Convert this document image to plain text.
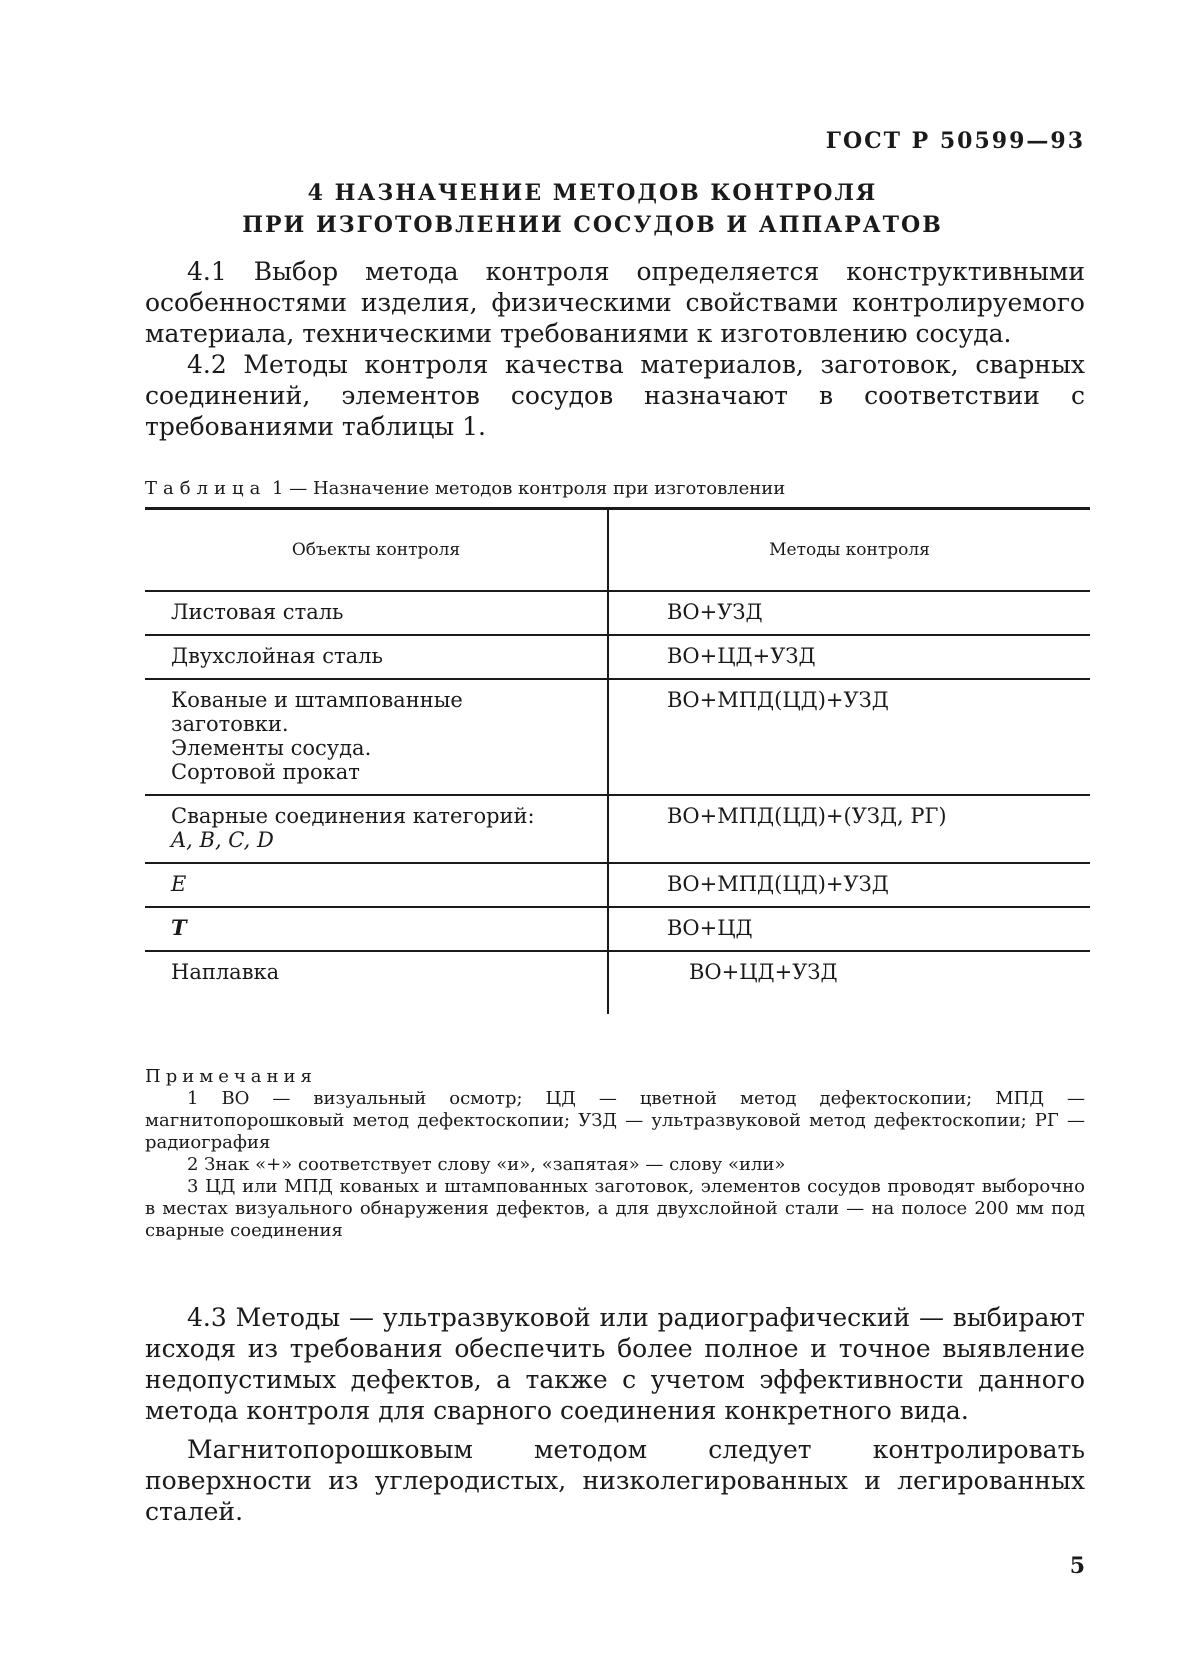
ГОСТ Р 50599—93
4 НАЗНАЧЕНИЕ МЕТОДОВ КОНТРОЛЯ
ПРИ ИЗГОТОВЛЕНИИ СОСУДОВ И АППАРАТОВ

4.1 Выбор метода контроля определяется конструктивными особенностями изделия, физическими свойствами контролируемого материала, техническими требованиями к изготовлению сосуда.

4.2 Методы контроля качества материалов, заготовок, сварных соединений, элементов сосудов назначают в соответствии с требованиями таблицы 1.

Таблица 1 — Назначение методов контроля при изготовлении
Объекты контроля	Методы контроля
Листовая сталь	ВО+УЗД
Двухслойная сталь	ВО+ЦД+УЗД
Кованые и штампованные заготовки.
Элементы сосуда.
Сортовой прокат	ВО+МПД(ЦД)+УЗД

Сварные соединения категорий:
A, B, C, D	ВО+МПД(ЦД)+(УЗД, РГ)
E	ВО+МПД(ЦД)+УЗД
T	ВО+ЦД
Наплавка	ВО+ЦД+УЗД
Примечания

1 ВО — визуальный осмотр; ЦД — цветной метод дефектоскопии; МПД — магнитопорошковый метод дефектоскопии; УЗД — ультразвуковой метод дефектоскопии; РГ — радиография

2 Знак «+» соответствует слову «и», «запятая» — слову «или»

3 ЦД или МПД кованых и штампованных заготовок, элементов сосудов проводят выборочно в местах визуального обнаружения дефектов, а для двухслойной стали — на полосе 200 мм под сварные соединения

4.3 Методы — ультразвуковой или радиографический — выбирают исходя из требования обеспечить более полное и точное выявление недопустимых дефектов, а также с учетом эффективности данного метода контроля для сварного соединения конкретного вида.

Магнитопорошковым методом следует контролировать поверхности из углеродистых, низколегированных и легированных сталей.

5
